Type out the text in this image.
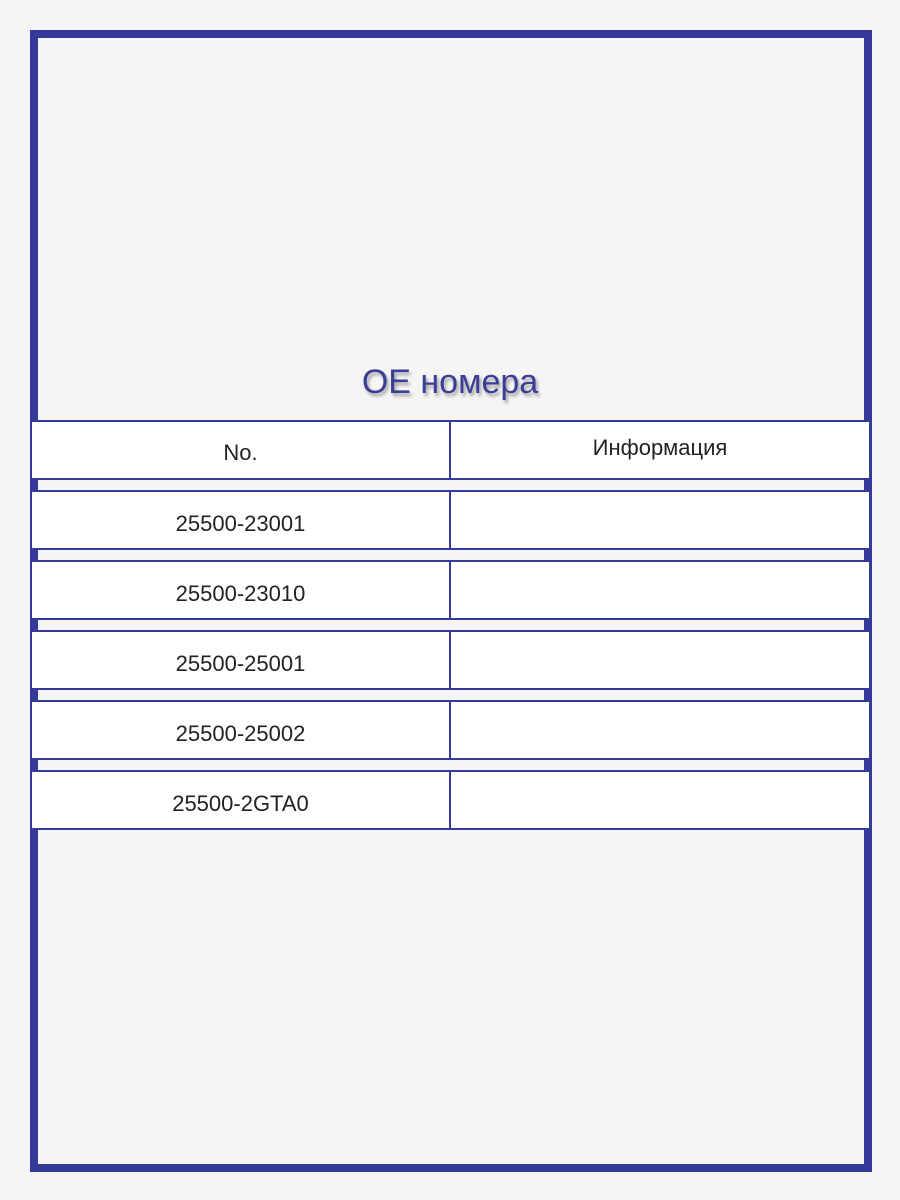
OE номера
No.	Информация
25500-23001
25500-23010
25500-25001
25500-25002
25500-2GTA0
